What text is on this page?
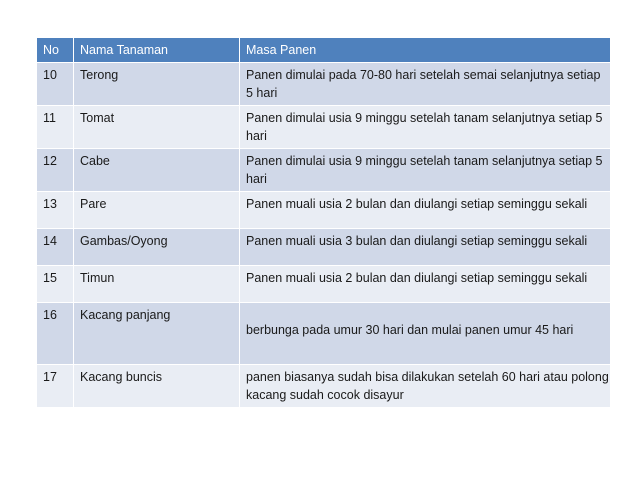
No	Nama Tanaman	Masa Panen
10	Terong	Panen dimulai pada 70-80 hari setelah semai selanjutnya setiap 5 hari
11	Tomat	Panen dimulai usia 9 minggu setelah tanam selanjutnya setiap 5 hari
12	Cabe	Panen dimulai usia 9 minggu setelah tanam selanjutnya setiap 5 hari
13	Pare	Panen muali usia 2 bulan dan diulangi setiap seminggu sekali
14	Gambas/Oyong	Panen muali usia 3 bulan dan diulangi setiap seminggu sekali
15	Timun	Panen muali usia 2 bulan dan diulangi setiap seminggu sekali
16	Kacang panjang	berbunga pada umur 30 hari dan mulai panen umur 45 hari
17	Kacang buncis	panen biasanya sudah bisa dilakukan setelah 60 hari atau polong kacang sudah cocok disayur
